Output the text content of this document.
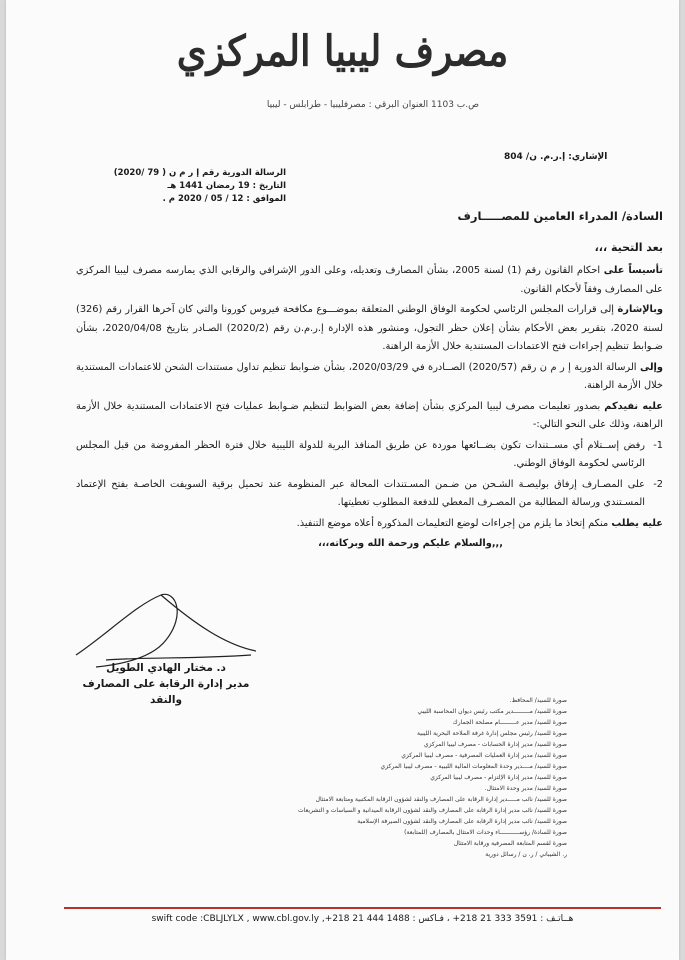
مصرف ليبيا المركزي
ص.ب 1103 العنوان البرقي : مصرفليبيا - طرابلس - ليبيا
الإشاري: إ.ر.م. ن/ 804
الرسالة الدورية رقم إ ر م ن ( 79 /2020)
التاريخ : 19 رمضان 1441 هـ
الموافق : 12 / 05 / 2020 م .
السادة/ المدراء العامين للمصـــــارف
بعد التحية ،،،

تأسيساً على احكام القانون رقم (1) لسنة 2005، بشأن المصارف وتعديله، وعلى الدور الإشرافي والرقابي الذي يمارسه مصرف ليبيا المركزي على المصارف وفقاً لأحكام القانون.

وبالإشارة إلى قرارات المجلس الرئاسي لحكومة الوفاق الوطني المتعلقة بموضـــوع مكافحة فيروس كورونا والتي كان آخرها القرار رقم (326) لسنة 2020، بتقرير بعض الأحكام بشأن إعلان حظر التجول، ومنشور هذه الإدارة إ.ر.م.ن رقم (2020/2) الصـادر بتاريخ 2020/04/08، بشأن ضـوابط تنظيم إجراءات فتح الاعتمادات المستندية خلال الأزمة الراهنة.

وإلى الرسالة الدورية إ ر م ن رقم (2020/57) الصــادرة في 2020/03/29، بشأن ضـوابط تنظيم تداول مستندات الشحن للاعتمادات المستندية خلال الأزمة الراهنة.

عليه نفيدكم بصدور تعليمات مصرف ليبيا المركزي بشأن إضافة بعض الضوابط لتنظيم ضـوابط عمليات فتح الاعتمادات المستندية خلال الأزمة الراهنة، وذلك على النحو التالي:-

1-
رفض إســتلام أي مســتندات تكون بضــائعها موردة عن طريق المنافذ البرية للدولة الليبية خلال فترة الحظر المفروضة من قبل المجلس الرئاسي لحكومة الوفاق الوطني.
2-
على المصـارف إرفاق بوليصـة الشـحن من ضـمن المسـتندات المحالة عبر المنظومة عند تحميل برقية السويفت الخاصـة بفتح الإعتماد المسـتندي ورسالة المطالبة من المصـرف المغطي للدفعة المطلوب تغطيتها.

عليه يطلب منكم إتخاذ ما يلزم من إجراءات لوضع التعليمات المذكورة أعلاه موضع التنفيذ.

,,,والسلام عليكم ورحمة الله وبركاته،،،

د. مختار الهادي الطويل
مدير إدارة الرقابة على المصارف والنقد	صورة للسيد/ المحافظ.
صورة للسيد/ مـــــــــدير مكتب رئيس ديوان المحاسبة الليبي
صورة للسيد/ مدير عـــــــــام مصلحة الجمارك
صورة للسيد/ رئيس مجلس إدارة غرفة الملاحة البحرية الليبية
صورة للسيد/ مدير إدارة الحسابات - مصرف ليبيا المركزي
صورة للسيد/ مدير إدارة العمليات المصرفية - مصرف ليبيا المركزي
صورة للسيد/ مــــدير وحدة المعلومات المالية الليبية - مصرف ليبيا المركزي
صورة للسيد/ مدير إدارة الإلتزام - مصرف ليبيا المركزي
صورة للسيد/ مدير وحدة الامتثال.
صورة للسيد/ نائب مـــــدير إدارة الرقابة على المصارف والنقد لشؤون الرقابة المكتبية ومتابعة الامتثال
صورة للسيد/ نائب مدير إدارة الرقابة على المصارف والنقد لشؤون الرقابة الميدانية و السياسات و التشريعات
صورة للسيد/ نائب مدير إدارة الرقابة على المصارف والنقد لشؤون الصيرفة الإسلامية
صورة للسادة/ رؤســـــــــــاء وحدات الامتثال بالمصارف (للمتابعة)
صورة لقسم المتابعة المصرفية ورقابة الامتثال
ر. الشيباني / ر. ن / رسائل دورية
هــاتـف : 3591 333 21 218+ ، فـاكس : 1488 444 21 218+, swift code :CBLJLYLX , www.cbl.gov.ly
